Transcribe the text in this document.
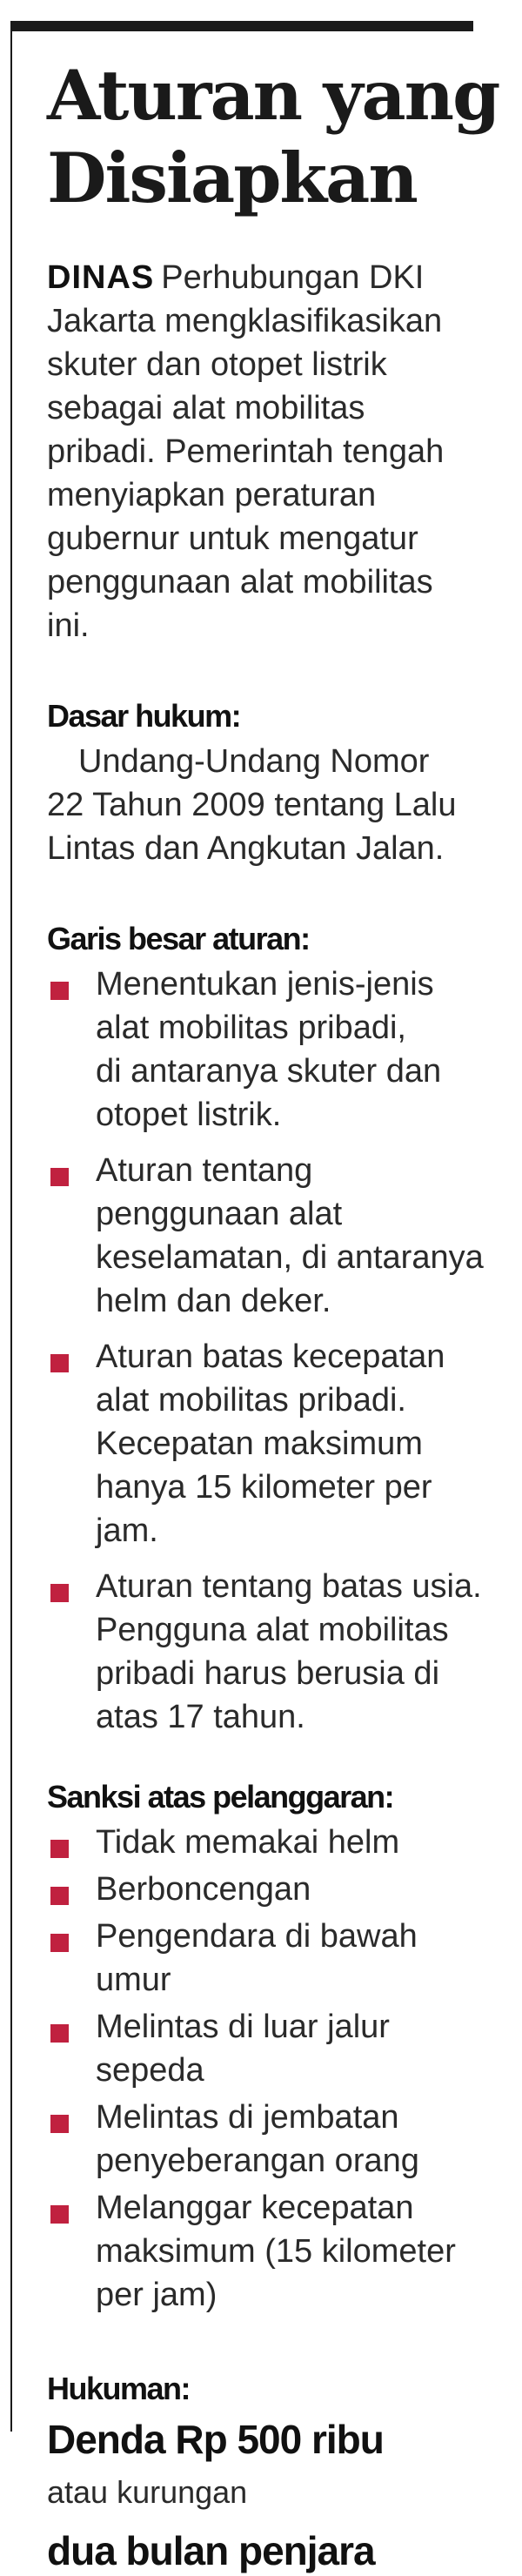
Aturan yang
Disiapkan
DINAS Perhubungan DKI
Jakarta mengklasifikasikan
skuter dan otopet listrik
sebagai alat mobilitas
pribadi. Pemerintah tengah
menyiapkan peraturan
gubernur untuk mengatur
penggunaan alat mobilitas
ini.
Dasar hukum:
Undang-Undang Nomor
22 Tahun 2009 tentang Lalu
Lintas dan Angkutan Jalan.
Garis besar aturan:
Menentukan jenis-jenis
alat mobilitas pribadi,
di antaranya skuter dan
otopet listrik.
Aturan tentang
penggunaan alat
keselamatan, di antaranya
helm dan deker.
Aturan batas kecepatan
alat mobilitas pribadi.
Kecepatan maksimum
hanya 15 kilometer per
jam.
Aturan tentang batas usia.
Pengguna alat mobilitas
pribadi harus berusia di
atas 17 tahun.
Sanksi atas pelanggaran:
Tidak memakai helm
Berboncengan
Pengendara di bawah
umur
Melintas di luar jalur
sepeda
Melintas di jembatan
penyeberangan orang
Melanggar kecepatan
maksimum (15 kilometer
per jam)
Hukuman:
Denda Rp 500 ribu
atau kurungan
dua bulan penjara
